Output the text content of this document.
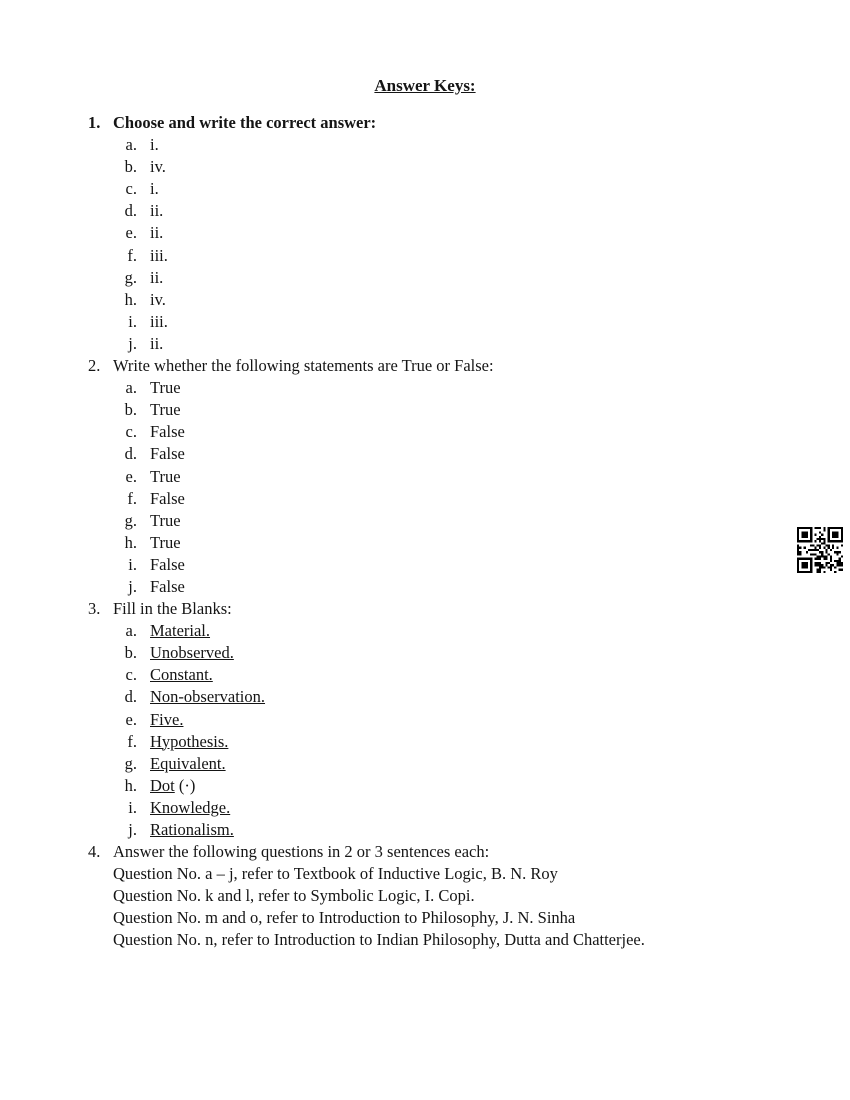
Answer Keys:
1. Choose and write the correct answer:
a. i.
b. iv.
c. i.
d. ii.
e. ii.
f. iii.
g. ii.
h. iv.
i. iii.
j. ii.
2. Write whether the following statements are True or False:
a. True
b. True
c. False
d. False
e. True
f. False
g. True
h. True
i. False
j. False
3. Fill in the Blanks:
a. Material.
b. Unobserved.
c. Constant.
d. Non-observation.
e. Five.
f. Hypothesis.
g. Equivalent.
h. Dot (·)
i. Knowledge.
j. Rationalism.
4. Answer the following questions in 2 or 3 sentences each:
Question No. a – j, refer to Textbook of Inductive Logic, B. N. Roy
Question No. k and l, refer to Symbolic Logic, I. Copi.
Question No. m and o, refer to Introduction to Philosophy, J. N. Sinha
Question No. n, refer to Introduction to Indian Philosophy, Dutta and Chatterjee.
